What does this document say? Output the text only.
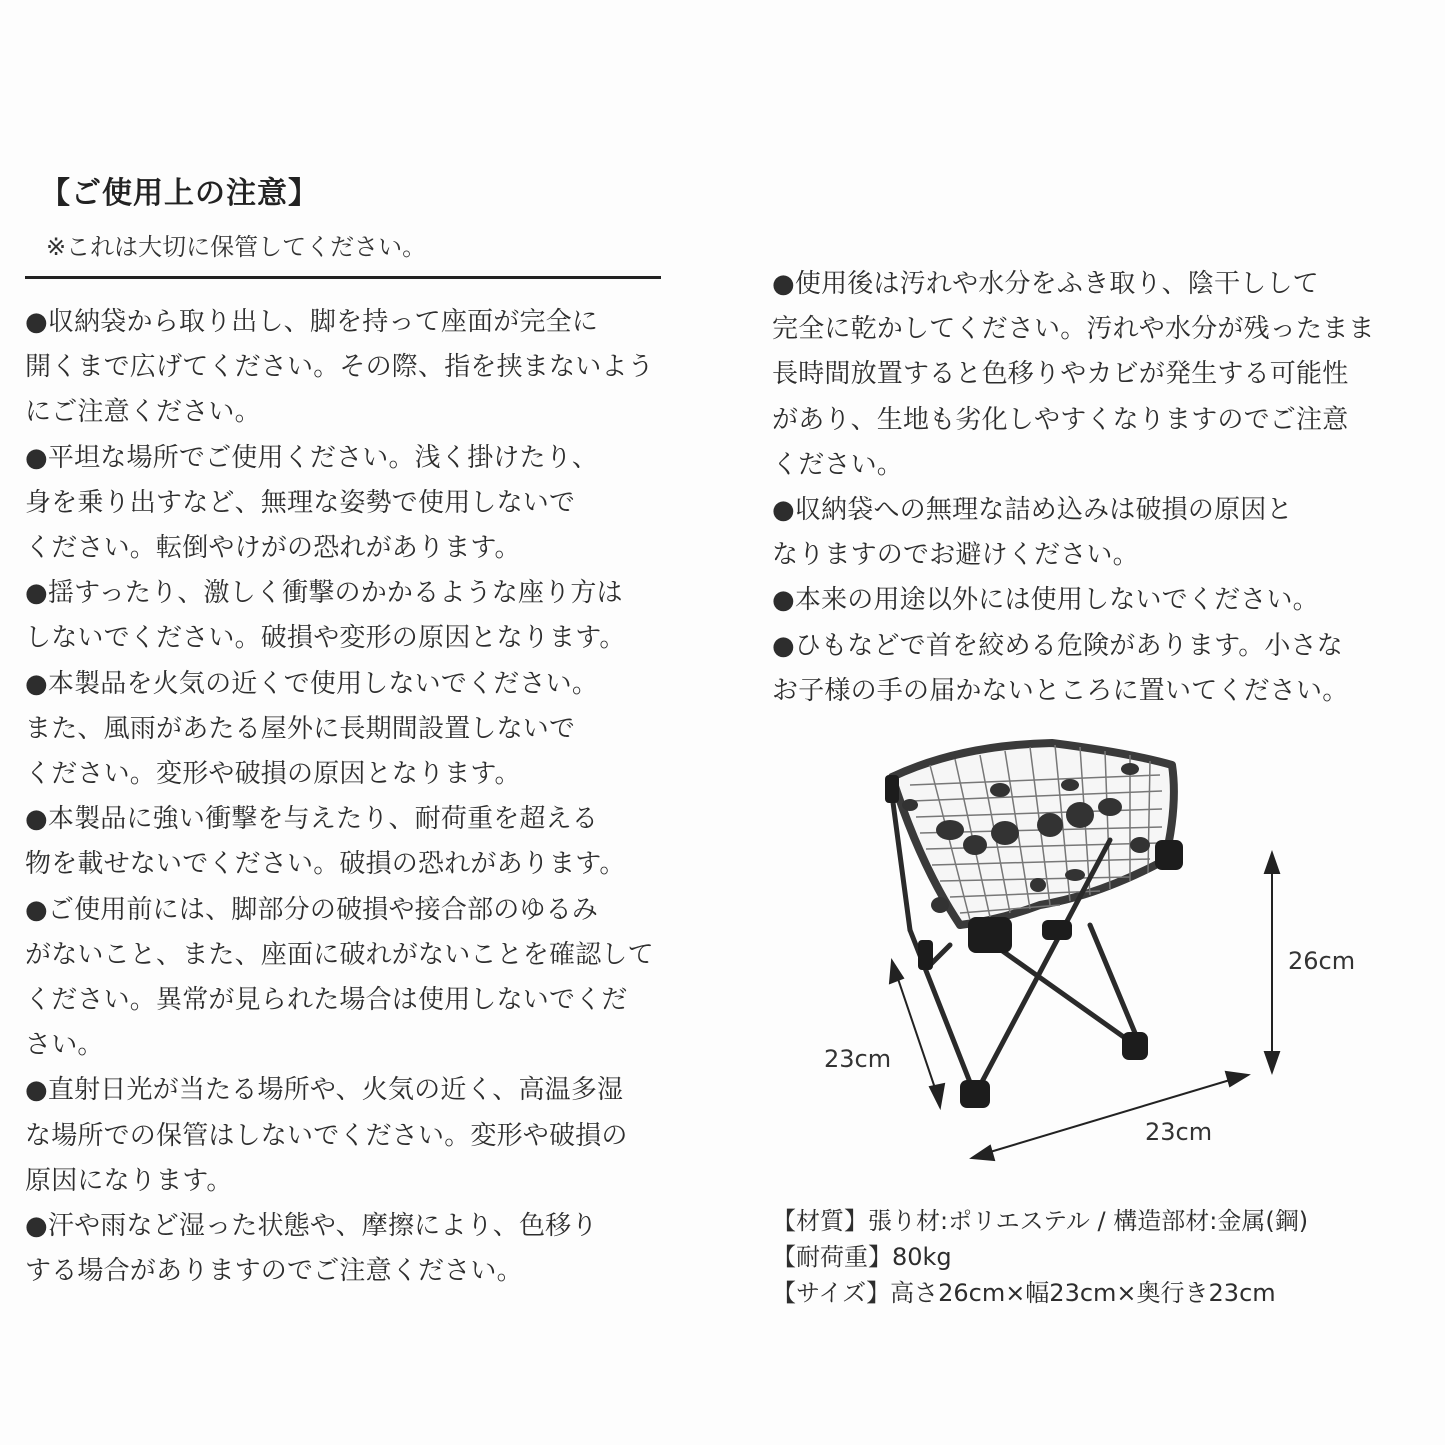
【ご使用上の注意】
※これは大切に保管してください。
●収納袋から取り出し、脚を持って座面が完全に
開くまで広げてください。その際、指を挟まないよう
にご注意ください。
●平坦な場所でご使用ください。浅く掛けたり、
身を乗り出すなど、無理な姿勢で使用しないで
ください。転倒やけがの恐れがあります。
●揺すったり、激しく衝撃のかかるような座り方は
しないでください。破損や変形の原因となります。
●本製品を火気の近くで使用しないでください。
また、風雨があたる屋外に長期間設置しないで
ください。変形や破損の原因となります。
●本製品に強い衝撃を与えたり、耐荷重を超える
物を載せないでください。破損の恐れがあります。
●ご使用前には、脚部分の破損や接合部のゆるみ
がないこと、また、座面に破れがないことを確認して
ください。異常が見られた場合は使用しないでくだ
さい。
●直射日光が当たる場所や、火気の近く、高温多湿
な場所での保管はしないでください。変形や破損の
原因になります。
●汗や雨など湿った状態や、摩擦により、色移り
する場合がありますのでご注意ください。
●使用後は汚れや水分をふき取り、陰干しして
完全に乾かしてください。汚れや水分が残ったまま
長時間放置すると色移りやカビが発生する可能性
があり、生地も劣化しやすくなりますのでご注意
ください。
●収納袋への無理な詰め込みは破損の原因と
なりますのでお避けください。
●本来の用途以外には使用しないでください。
●ひもなどで首を絞める危険があります。小さな
お子様の手の届かないところに置いてください。
26cm
23cm
23cm
【材質】張り材:ポリエステル / 構造部材:金属(鋼)
【耐荷重】80kg
【サイズ】高さ26cm×幅23cm×奥行き23cm
